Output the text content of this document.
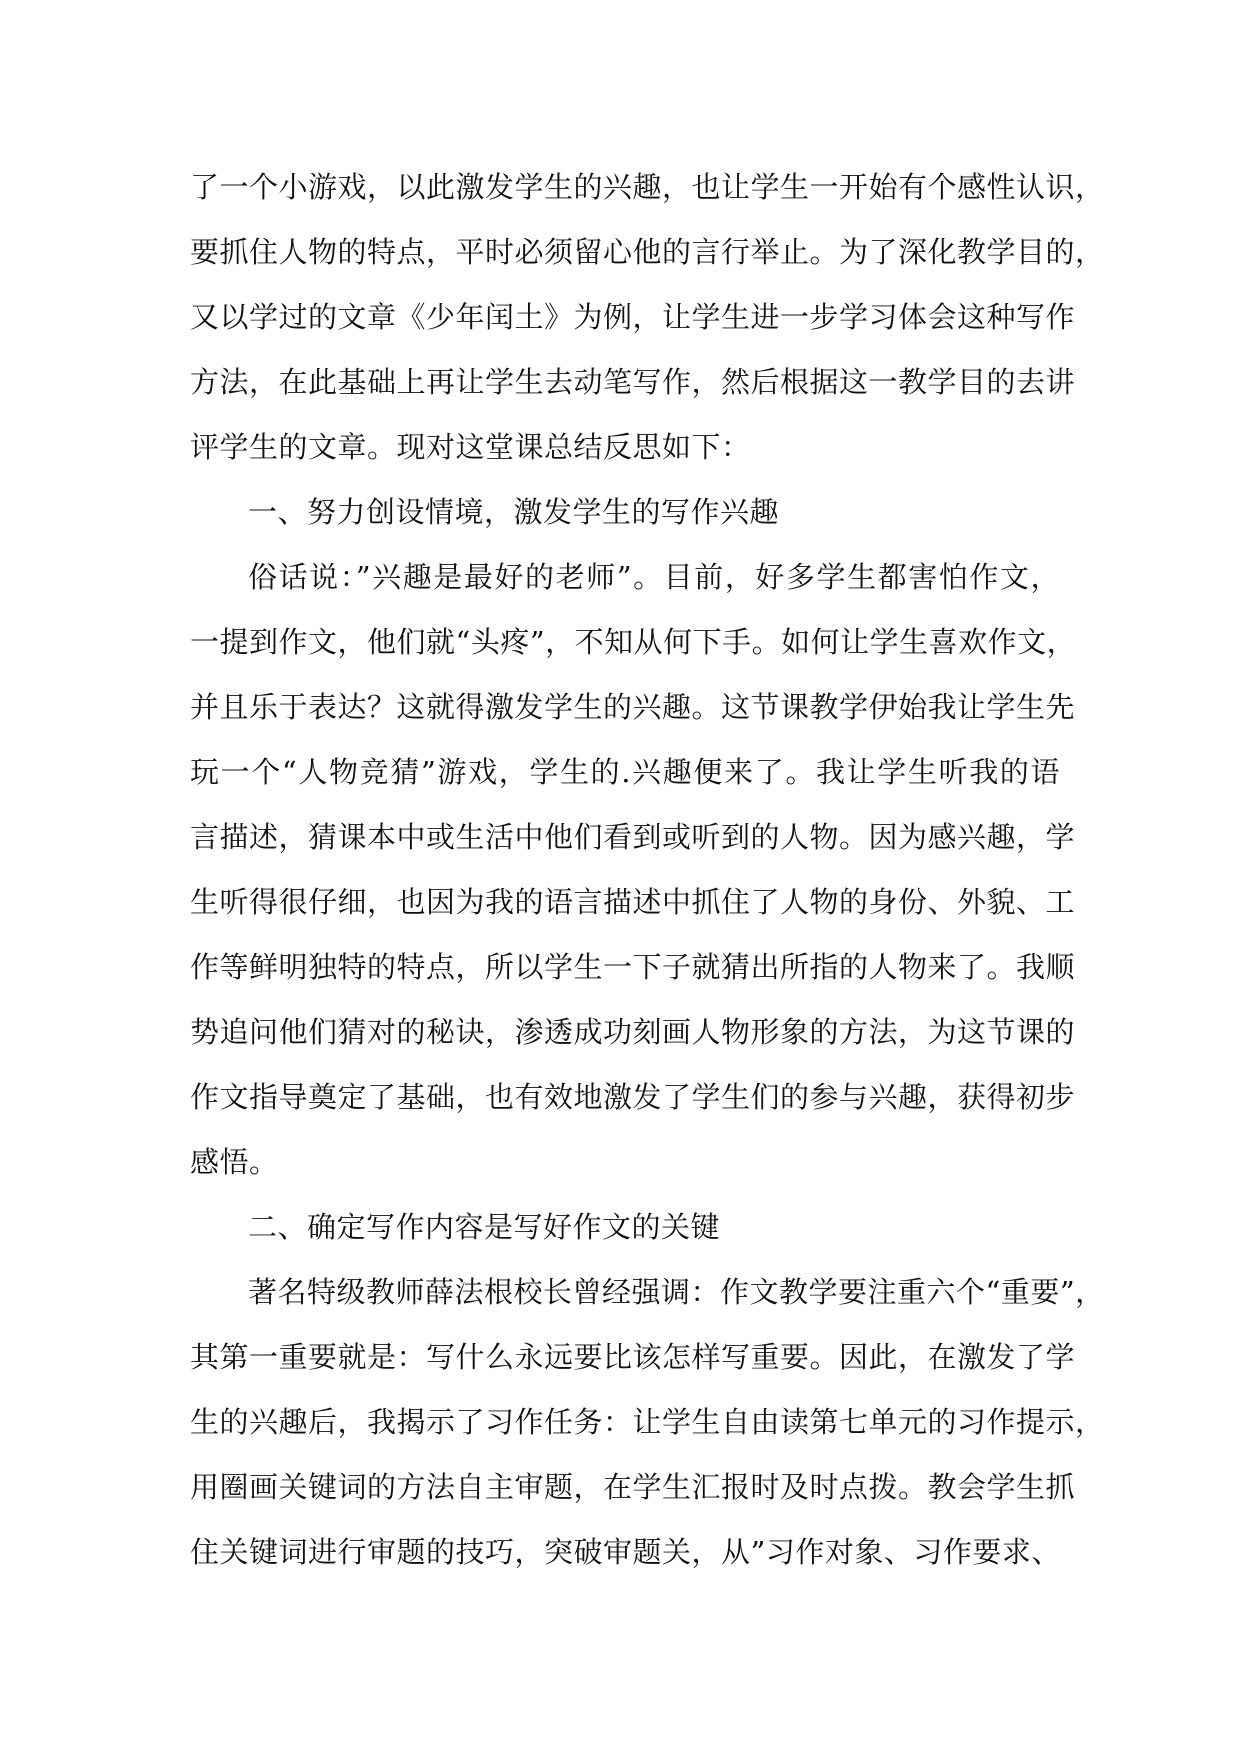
了一个小游戏，以此激发学生的兴趣，也让学生一开始有个感性认识，
要抓住人物的特点，平时必须留心他的言行举止。为了深化教学目的，
又以学过的文章《少年闰土》为例，让学生进一步学习体会这种写作
方法，在此基础上再让学生去动笔写作，然后根据这一教学目的去讲
评学生的文章。现对这堂课总结反思如下：
一、努力创设情境，激发学生的写作兴趣
俗话说：”兴趣是最好的老师”。目前，好多学生都害怕作文，
一提到作文，他们就“头疼”，不知从何下手。如何让学生喜欢作文，
并且乐于表达？这就得激发学生的兴趣。这节课教学伊始我让学生先
玩一个“人物竞猜”游戏，学生的.兴趣便来了。我让学生听我的语
言描述，猜课本中或生活中他们看到或听到的人物。因为感兴趣，学
生听得很仔细，也因为我的语言描述中抓住了人物的身份、外貌、工
作等鲜明独特的特点，所以学生一下子就猜出所指的人物来了。我顺
势追问他们猜对的秘诀，渗透成功刻画人物形象的方法，为这节课的
作文指导奠定了基础，也有效地激发了学生们的参与兴趣，获得初步
感悟。
二、确定写作内容是写好作文的关键
著名特级教师薛法根校长曾经强调：作文教学要注重六个“重要”，
其第一重要就是：写什么永远要比该怎样写重要。因此，在激发了学
生的兴趣后，我揭示了习作任务：让学生自由读第七单元的习作提示，
用圈画关键词的方法自主审题，在学生汇报时及时点拨。教会学生抓
住关键词进行审题的技巧，突破审题关，从”习作对象、习作要求、
